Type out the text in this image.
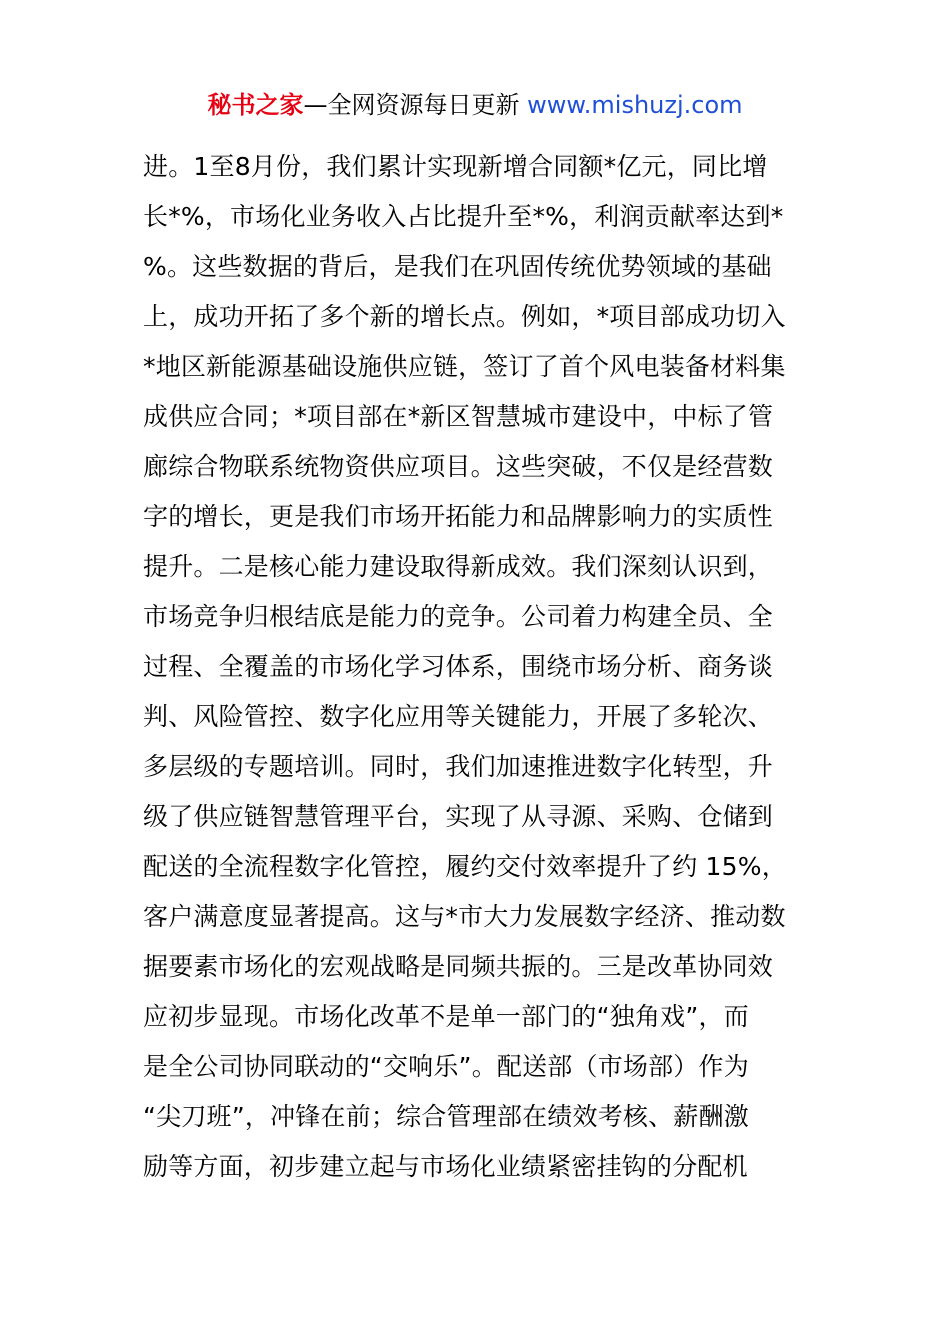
秘书之家—全网资源每日更新 www.mishuzj.com
进。1至8月份，我们累计实现新增合同额*亿元，同比增
长*%，市场化业务收入占比提升至*%，利润贡献率达到*
%。这些数据的背后，是我们在巩固传统优势领域的基础
上，成功开拓了多个新的增长点。例如，*项目部成功切入
*地区新能源基础设施供应链，签订了首个风电装备材料集
成供应合同；*项目部在*新区智慧城市建设中，中标了管
廊综合物联系统物资供应项目。这些突破，不仅是经营数
字的增长，更是我们市场开拓能力和品牌影响力的实质性
提升。二是核心能力建设取得新成效。我们深刻认识到，
市场竞争归根结底是能力的竞争。公司着力构建全员、全
过程、全覆盖的市场化学习体系，围绕市场分析、商务谈
判、风险管控、数字化应用等关键能力，开展了多轮次、
多层级的专题培训。同时，我们加速推进数字化转型，升
级了供应链智慧管理平台，实现了从寻源、采购、仓储到
配送的全流程数字化管控，履约交付效率提升了约 15%，
客户满意度显著提高。这与*市大力发展数字经济、推动数
据要素市场化的宏观战略是同频共振的。三是改革协同效
应初步显现。市场化改革不是单一部门的“独角戏”，而
是全公司协同联动的“交响乐”。配送部（市场部）作为
“尖刀班”，冲锋在前；综合管理部在绩效考核、薪酬激
励等方面，初步建立起与市场化业绩紧密挂钩的分配机
